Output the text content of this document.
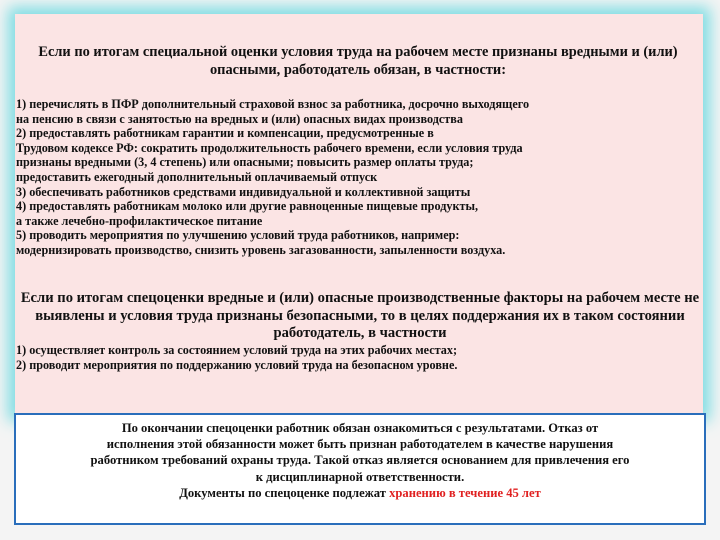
Если по итогам специальной оценки условия труда на рабочем месте признаны вредными и (или) опасными, работодатель обязан, в частности:

1) перечислять в ПФР дополнительный страховой взнос за работника, досрочно выходящего
на пенсию в связи с занятостью на вредных и (или) опасных видах производства
2) предоставлять работникам гарантии и компенсации, предусмотренные в
Трудовом кодексе РФ: сократить продолжительность рабочего времени, если условия труда
признаны вредными (3, 4 степень) или опасными; повысить размер оплаты труда;
предоставить ежегодный дополнительный оплачиваемый отпуск
3) обеспечивать работников средствами индивидуальной и коллективной защиты
4) предоставлять работникам молоко или другие равноценные пищевые продукты,
а также лечебно-профилактическое питание
5) проводить мероприятия по улучшению условий труда работников, например:
модернизировать производство, снизить уровень загазованности, запыленности воздуха.

Если по итогам спецоценки вредные и (или) опасные производственные факторы на рабочем месте не выявлены и условия труда признаны безопасными, то в целях поддержания их в таком состоянии работодатель, в частности

1) осуществляет контроль за состоянием условий труда на этих рабочих местах;
2) проводит мероприятия по поддержанию условий труда на безопасном уровне.
По окончании спецоценки работник обязан ознакомиться с результатами. Отказ от
исполнения этой обязанности может быть признан работодателем в качестве нарушения
работником требований охраны труда. Такой отказ является основанием для привлечения его
к дисциплинарной ответственности.
Документы по спецоценке подлежат хранению в течение 45 лет
